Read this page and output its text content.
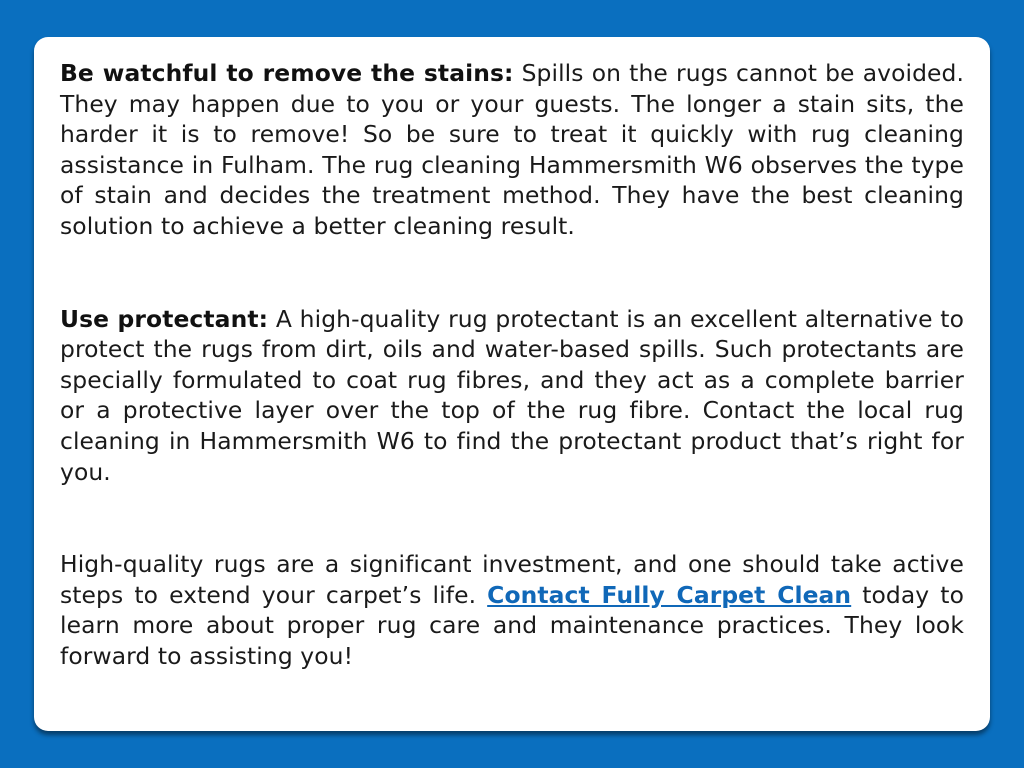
Be watchful to remove the stains: Spills on the rugs cannot be avoided. They may happen due to you or your guests. The longer a stain sits, the harder it is to remove! So be sure to treat it quickly with rug cleaning assistance in Fulham. The rug cleaning Hammersmith W6 observes the type of stain and decides the treatment method. They have the best cleaning solution to achieve a better cleaning result.

Use protectant: A high-quality rug protectant is an excellent alternative to protect the rugs from dirt, oils and water-based spills. Such protectants are specially formulated to coat rug fibres, and they act as a complete barrier or a protective layer over the top of the rug fibre. Contact the local rug cleaning in Hammersmith W6 to find the protectant product that’s right for you.

High-quality rugs are a significant investment, and one should take active steps to extend your carpet’s life. Contact Fully Carpet Clean today to learn more about proper rug care and maintenance practices. They look forward to assisting you!
